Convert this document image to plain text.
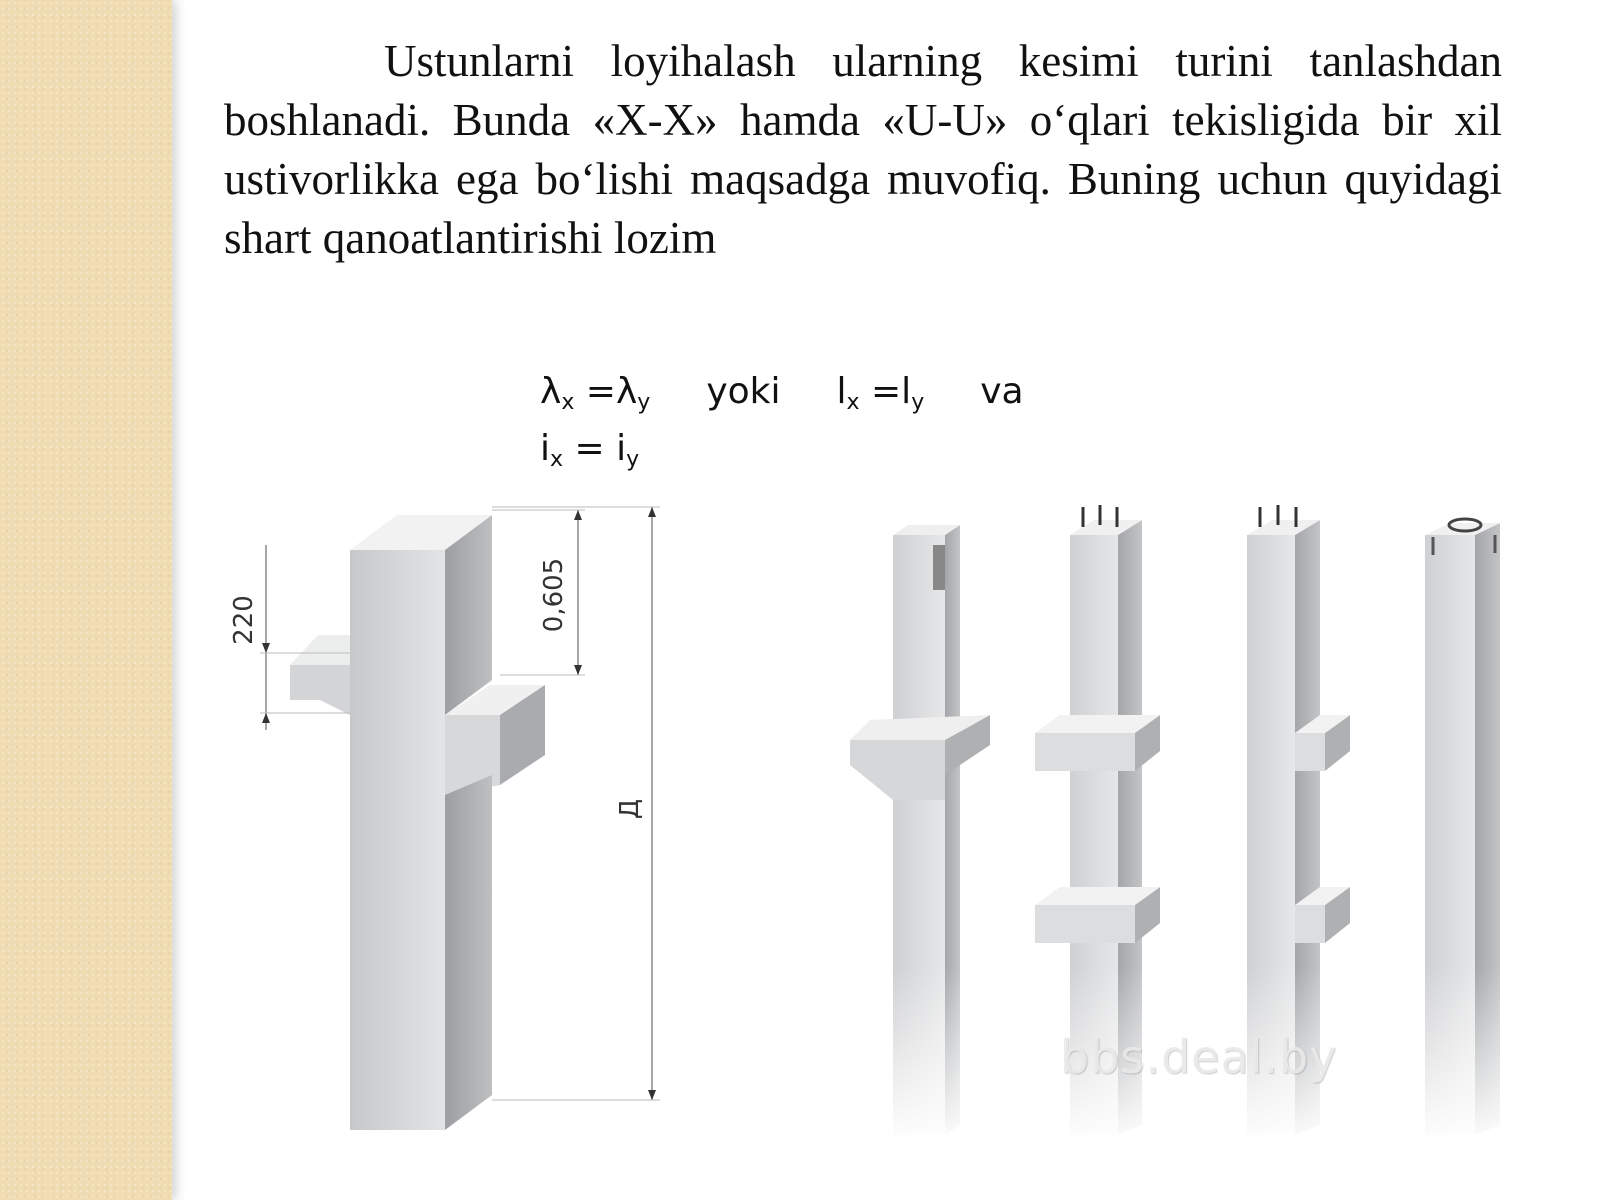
Ustunlarni loyihalash ularning kesimi turini tanlashdan boshlanadi. Bunda «X-X» hamda «U-U» o‘qlari tekisligida bir xil ustivorlikka ega bo‘lishi maqsadga muvofiq. Buning uchun quyidagi shart qanoatlantirishi lozim

$\lambda_x =\lambda_y$ yoki $l_x =l_y$ va
$i_x = i_y$
220	0,605
Д
bbs.deal.by
